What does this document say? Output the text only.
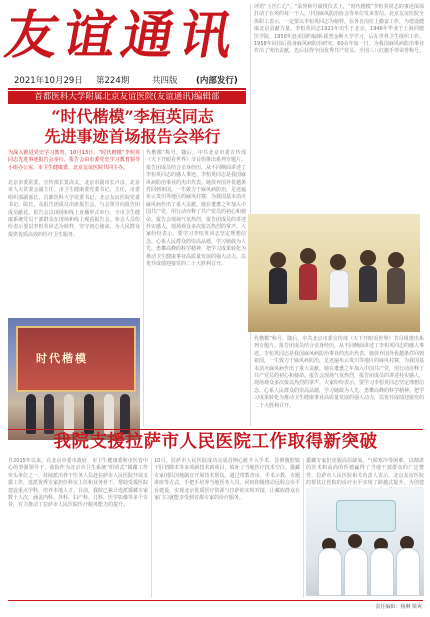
友谊通讯
2021年10月29日 第224期	共四版 (内部发行)
首都医科大学附属北京友谊医院(友谊通讯)编辑部
“时代楷模”李桓英同志
先进事迹首场报告会举行
为深入推进党史学习教育，10月13日，“时代楷模”李桓英同志先进事迹报告会举行。报告会由市委党史学习教育领导小组办公室、市卫生健康委、北京友谊医院共同主办。
北京市委常委、宣传部长莫高义，北京市副市长卢彦，北京市人大常委会副主任、市卫生健康委党委书记、主任，市委组织部副部长，首都医科大学党委书记，北京友谊医院党委书记、院长，及报告团成员出席报告会。与会领导向报告团成员献花。报告会以现场和线上直播形式举行，全市卫生健康系统党员干部群众在现场和线上观看报告会。参会人员纷纷表示要以李桓英同志为榜样，坚守初心使命，为人民群众提供优质高效的医疗卫生服务。
代楷模”称号。随后，中共北京市委宣传部《天下开眼看世界》节目组推出系列专题片。报告团成员结合亲身经历，从不同侧面讲述了李桓英同志的感人事迹。李桓英同志是我国麻风病防治事业的杰出代表。她放弃国外优越条件回到祖国，一生致力于麻风病防治，足迹遍布云贵川等地区的麻风村寨，为我国基本消灭麻风病作出了重大贡献。她在耄耋之年加入中国共产党，用行动诠释了共产党员的初心和使命。报告会现场气氛热烈，报告团成员的讲述朴实感人，现场观众多次报以热烈的掌声。大家纷纷表示，要学习李桓英同志坚定理想信念、心系人民群众的崇高品德，学习她敢为人先、勇攀高峰的科学精神，把学习成果转化为推动卫生健康事业高质量发展的强大动力，以优异成绩迎接党的二十大胜利召开。
评语“上医仁心”。“荣誉称号颁授仪式上，“时代楷模”李桓英同志的事迹深深打动了在场的每一个人。中国麻风防治协会等单位发来贺信。北京友谊医院全体职工表示，一定要以李桓英同志为榜样，在各自岗位上勤奋工作，为建设健康北京贡献力量。李桓英同志1921年出生于北京，1946年毕业于上海同德医学院，1950年赴美国约翰斯·霍普金斯大学学习，后在世界卫生组织工作。1958年回国后投身麻风病防治研究，60余年如一日，为我国麻风病防治事业作出了突出贡献，先后获得全国优秀共产党员、全国三八红旗手等荣誉称号。
代楷模”称号。随后，中共北京市委宣传部《天下开眼看世界》节目组推出系列专题片。报告团成员结合亲身经历，从不同侧面讲述了李桓英同志的感人事迹。李桓英同志是我国麻风病防治事业的杰出代表。她放弃国外优越条件回到祖国，一生致力于麻风病防治，足迹遍布云贵川等地区的麻风村寨，为我国基本消灭麻风病作出了重大贡献。她在耄耋之年加入中国共产党，用行动诠释了共产党员的初心和使命。报告会现场气氛热烈，报告团成员的讲述朴实感人，现场观众多次报以热烈的掌声。大家纷纷表示，要学习李桓英同志坚定理想信念、心系人民群众的崇高品德，学习她敢为人先、勇攀高峰的科学精神，把学习成果转化为推动卫生健康事业高质量发展的强大动力，以优异成绩迎接党的二十大胜利召开。
时代楷模
我院支援拉萨市人民医院工作取得新突破
自2015年以来，在北京市委市政府、市卫生健康委和市医管中心的坚强领导下，我院作为北京市卫生系统“组团式”援藏工作牵头单位之一，持续派出骨干医务人员赴拉萨市人民医院开展支援工作，选派优秀专家担任科室主任和业务骨干，帮助受援医院建设重点学科，培养本地人才。目前，我院已累计选派援藏专家数十人次，涵盖内科、外科、妇产科、儿科、医学影像等多个专业，有力推动了拉萨市人民医院医疗服务能力的提升。
10月，拉萨市人民医院成功完成首例心脏介入手术、首例腹腔镜下肝切除术等多项新技术新项目，填补了当地医疗技术空白。援藏专家团队因地制宜开展技术帮扶，通过带教查房、手术示教、专题讲座等方式，手把手培养当地医务人员。同时积极推动远程会诊平台建设，实现北京优质医疗资源与拉萨的实时对接，让藏族群众在家门口就能享受到首都专家的诊疗服务。
援藏专家们克服高原缺氧、气候寒冷等困难，以精湛的医术和高尚的医德赢得了当地干部群众的广泛赞誉。拉萨市人民医院相关负责人表示，北京友谊医院的帮扶让医院的诊疗水平实现了跨越式提升，为创建
责任编辑：杨琳 梁爽
